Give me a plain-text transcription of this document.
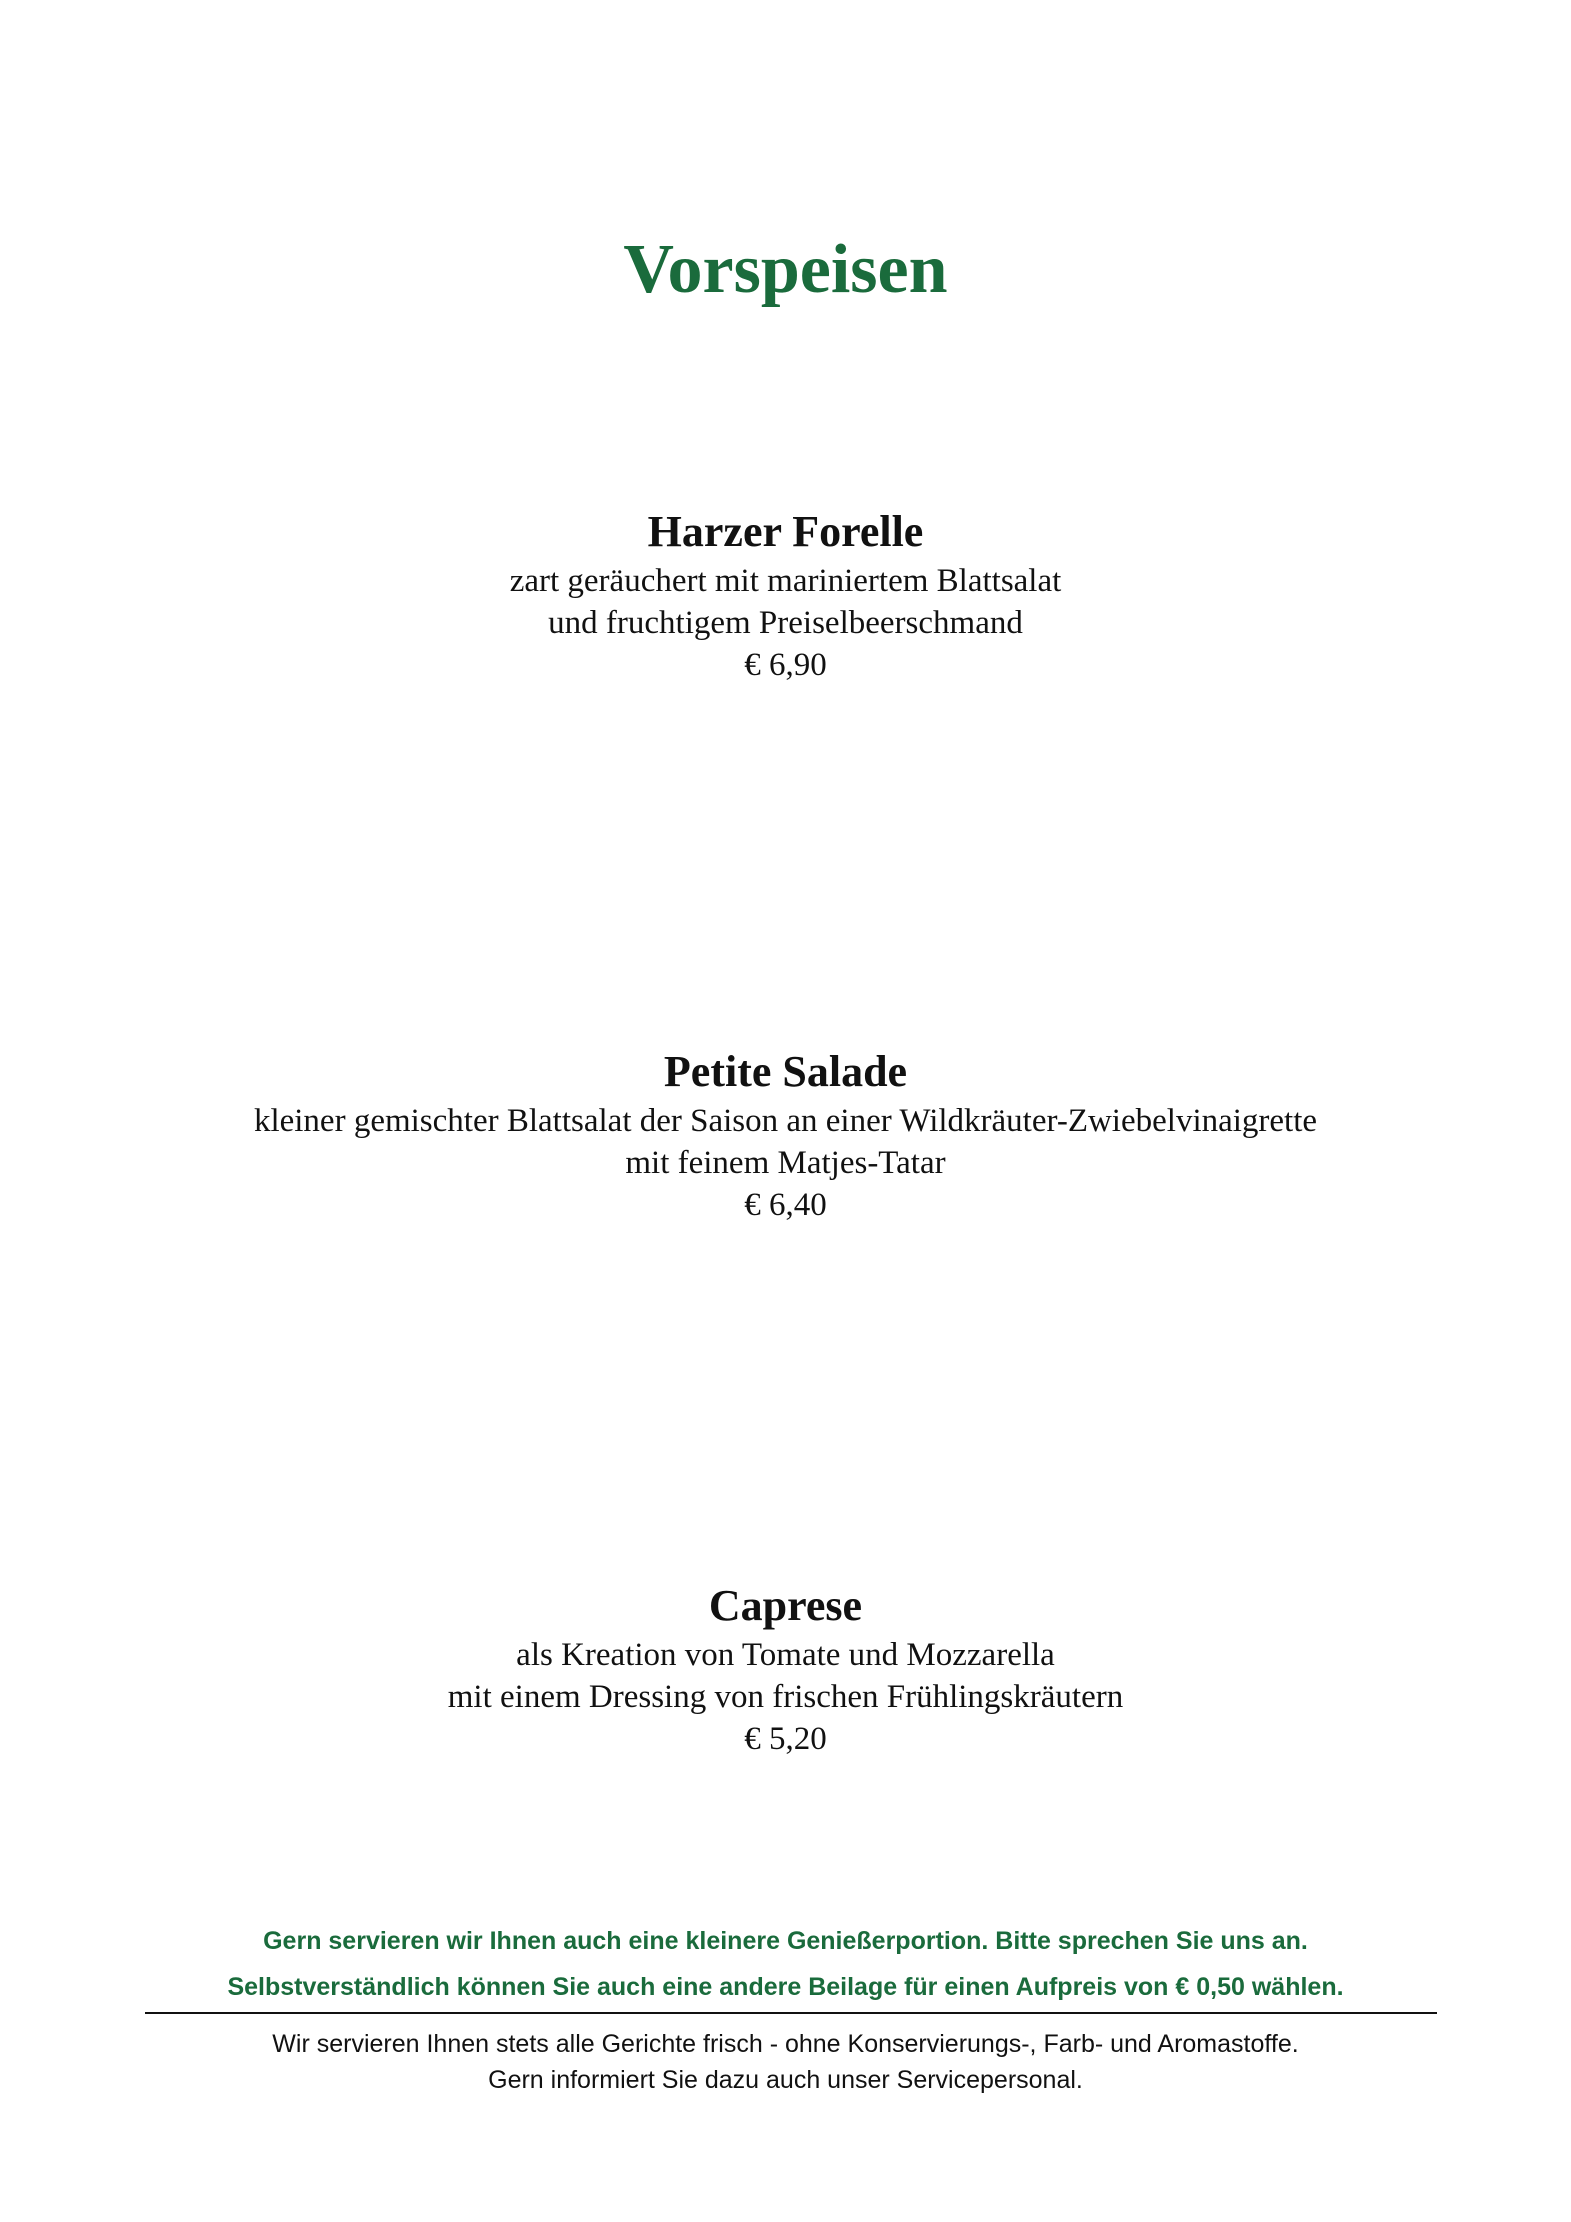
Vorspeisen

Harzer Forelle

zart geräuchert mit mariniertem Blattsalat

und fruchtigem Preiselbeerschmand

€ 6,90

Petite Salade

kleiner gemischter Blattsalat der Saison an einer Wildkräuter-Zwiebelvinaigrette

mit feinem Matjes-Tatar

€ 6,40

Caprese

als Kreation von Tomate und Mozzarella

mit einem Dressing von frischen Frühlingskräutern

€ 5,20

Gern servieren wir Ihnen auch eine kleinere Genießerportion. Bitte sprechen Sie uns an.

Selbstverständlich können Sie auch eine andere Beilage für einen Aufpreis von € 0,50 wählen.

Wir servieren Ihnen stets alle Gerichte frisch - ohne Konservierungs-, Farb- und Aromastoffe.

Gern informiert Sie dazu auch unser Servicepersonal.
